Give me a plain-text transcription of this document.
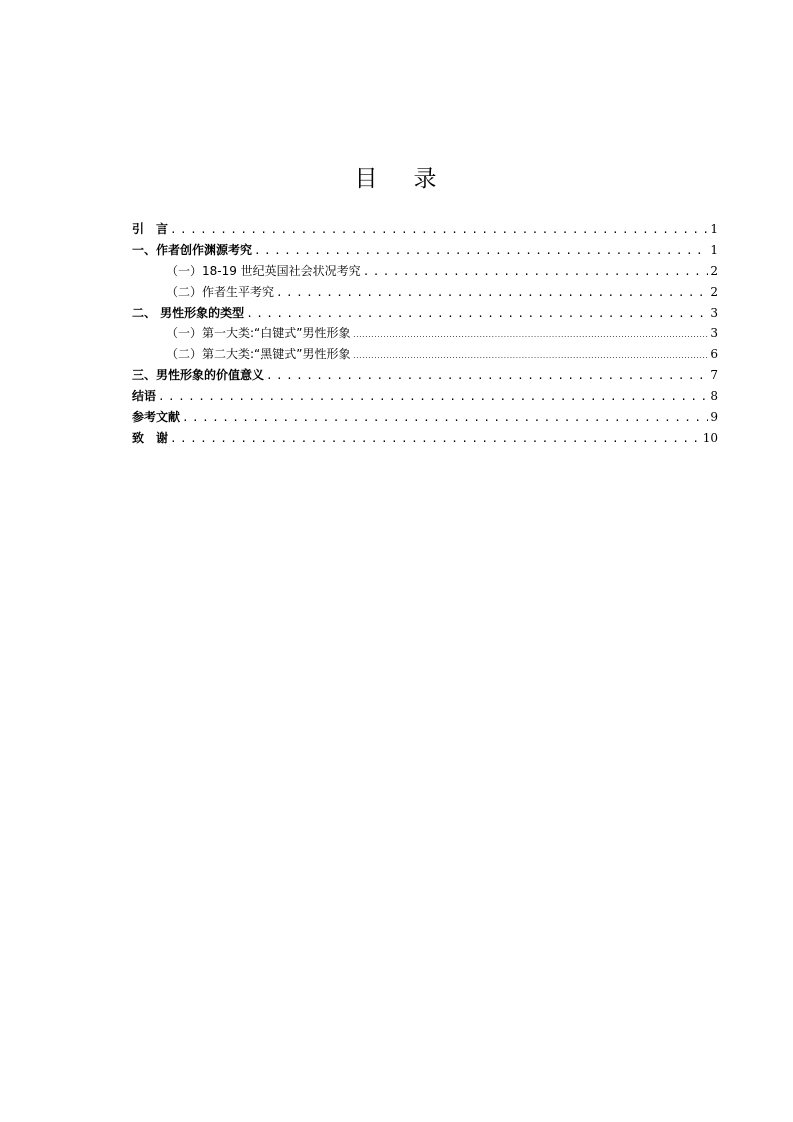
目 录
引　言 . . .	1
一、作者创作渊源考究 . . .	1
（一）18-19 世纪英国社会状况考究 . . .	2
（二）作者生平考究 . . .	2
二、 男性形象的类型 . . .	3
（一）第一大类:“白键式”男性形象 .....	3
（二）第二大类:“黑键式”男性形象 .....	6
三、男性形象的价值意义 . . .	7
结语 . . .	8
参考文献 . . .	9
致　谢 . . .	10
